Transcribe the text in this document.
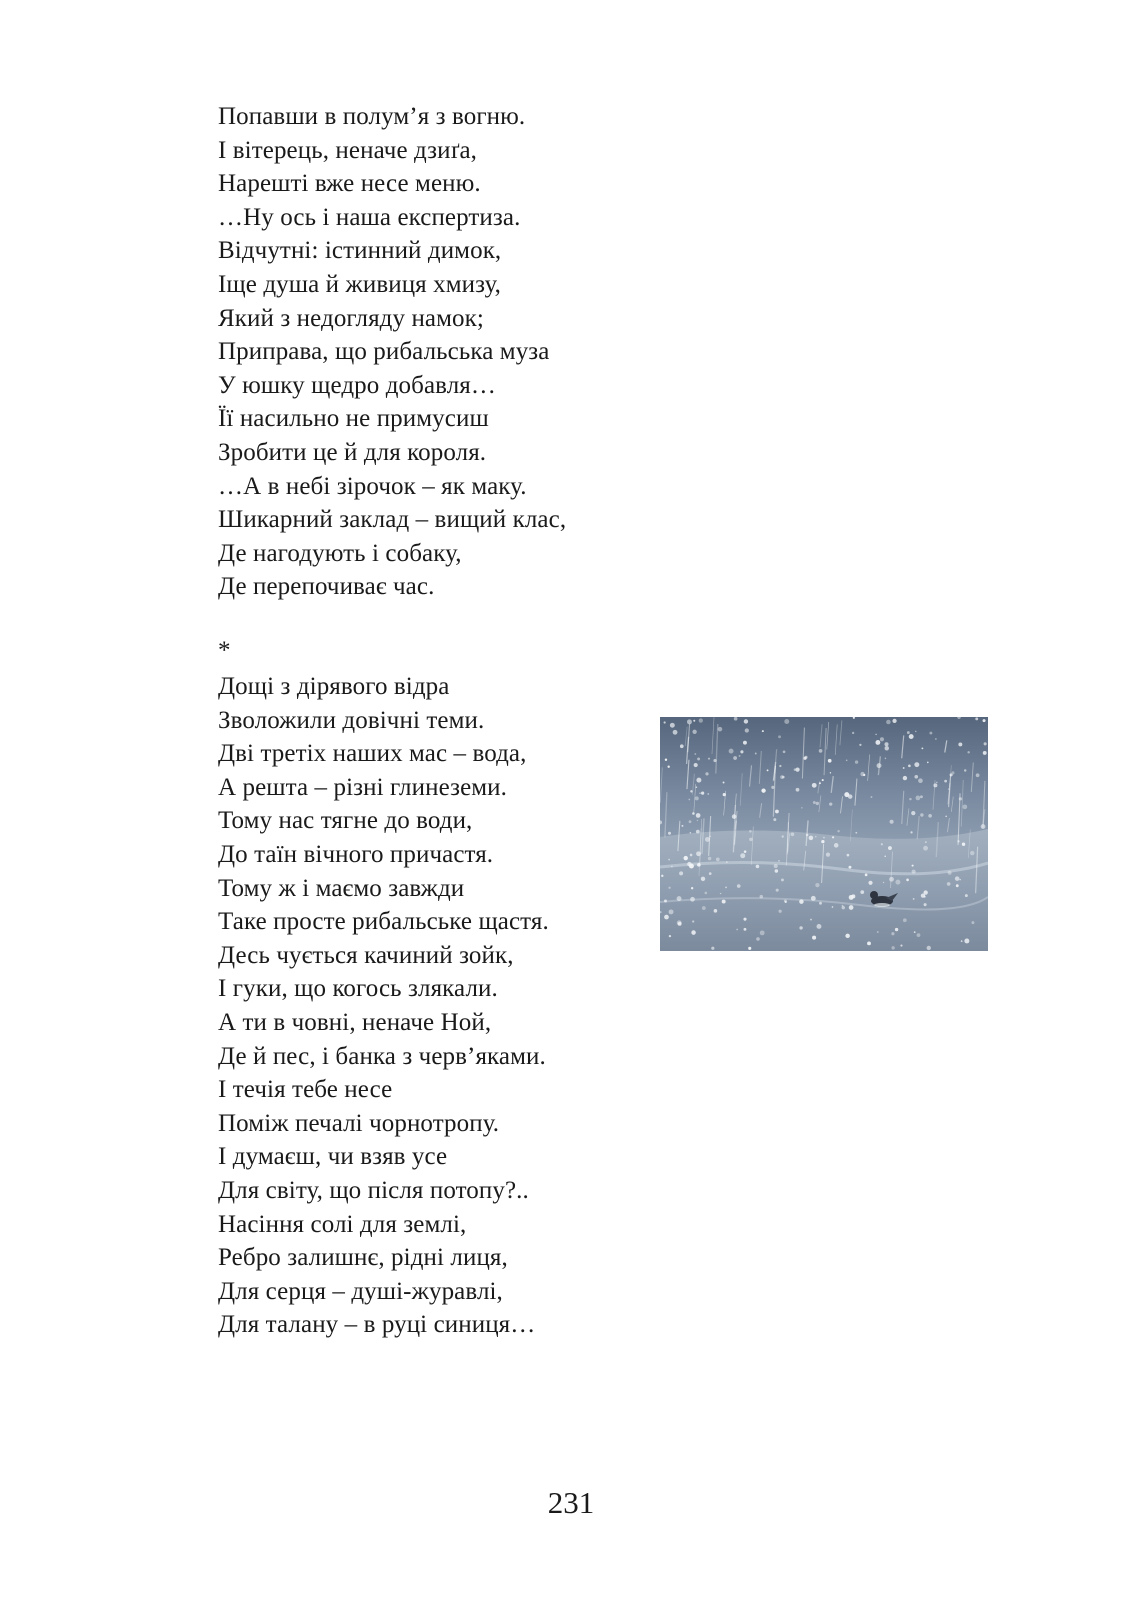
Попавши в полум’я з вогню.
І вітерець, неначе дзиґа,
Нарешті вже несе меню.
…Ну ось і наша експертиза.
Відчутні: істинний димок,
Іще душа й живиця хмизу,
Який з недогляду намок;
Приправа, що рибальська муза
У юшку щедро добавля…
Її насильно не примусиш
Зробити це й для короля.
…А в небі зірочок – як маку.
Шикарний заклад – вищий клас,
Де нагодують і собаку,
Де перепочиває час.
*
Дощі з дірявого відра
Зволожили довічні теми.
Дві третіх наших мас – вода,
А решта – різні глинеземи.
Тому нас тягне до води,
До таїн вічного причастя.
Тому ж і маємо завжди
Таке просте рибальське щастя.
Десь чується качиний зойк,
І гуки, що когось злякали.
А ти в човні, неначе Ной,
Де й пес, і банка з черв’яками.
І течія тебе несе
Поміж печалі чорнотропу.
І думаєш, чи взяв усе
Для світу, що після потопу?..
Насіння солі для землі,
Ребро залишнє, рідні лиця,
Для серця – душі-журавлі,
Для талану – в руці синиця…
231
